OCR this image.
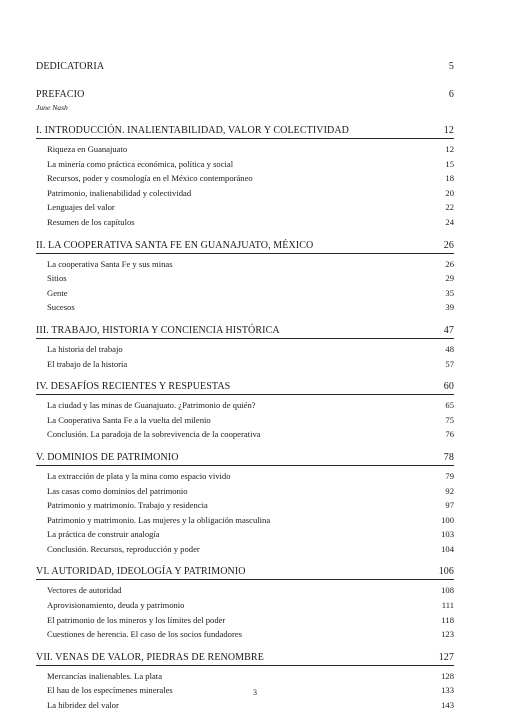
DEDICATORIA	5
PREFACIO	6
June Nash
I. INTRODUCCIÓN. INALIENTABILIDAD, VALOR Y COLECTIVIDAD	12
Riqueza en Guanajuato	12
La minería como práctica económica, política y social	15
Recursos, poder y cosmología en el México contemporáneo	18
Patrimonio, inalienabilidad y colectividad	20
Lenguajes del valor	22
Resumen de los capítulos	24
II. LA COOPERATIVA SANTA FE EN GUANAJUATO, MÉXICO	26
La cooperativa Santa Fe y sus minas	26
Sitios	29
Gente	35
Sucesos	39
III. TRABAJO, HISTORIA Y CONCIENCIA HISTÓRICA	47
La historia del trabajo	48
El trabajo de la historia	57
IV. DESAFÍOS RECIENTES Y RESPUESTAS	60
La ciudad y las minas de Guanajuato. ¿Patrimonio de quién?	65
La Cooperativa Santa Fe a la vuelta del milenio	75
Conclusión. La paradoja de la sobrevivencia de la cooperativa	76
V. DOMINIOS DE PATRIMONIO	78
La extracción de plata y la mina como espacio vivido	79
Las casas como dominios del patrimonio	92
Patrimonio y matrimonio. Trabajo y residencia	97
Patrimonio y matrimonio. Las mujeres y la obligación masculina	100
La práctica de construir analogía	103
Conclusión. Recursos, reproducción y poder	104
VI. AUTORIDAD, IDEOLOGÍA Y PATRIMONIO	106
Vectores de autoridad	108
Aprovisionamiento, deuda y patrimonio	111
El patrimonio de los mineros y los límites del poder	118
Cuestiones de herencia. El caso de los socios fundadores	123
VII. VENAS DE VALOR, PIEDRAS DE RENOMBRE	127
Mercancías inalienables. La plata	128
El hau de los especímenes minerales	133
La hibridez del valor	143
3
